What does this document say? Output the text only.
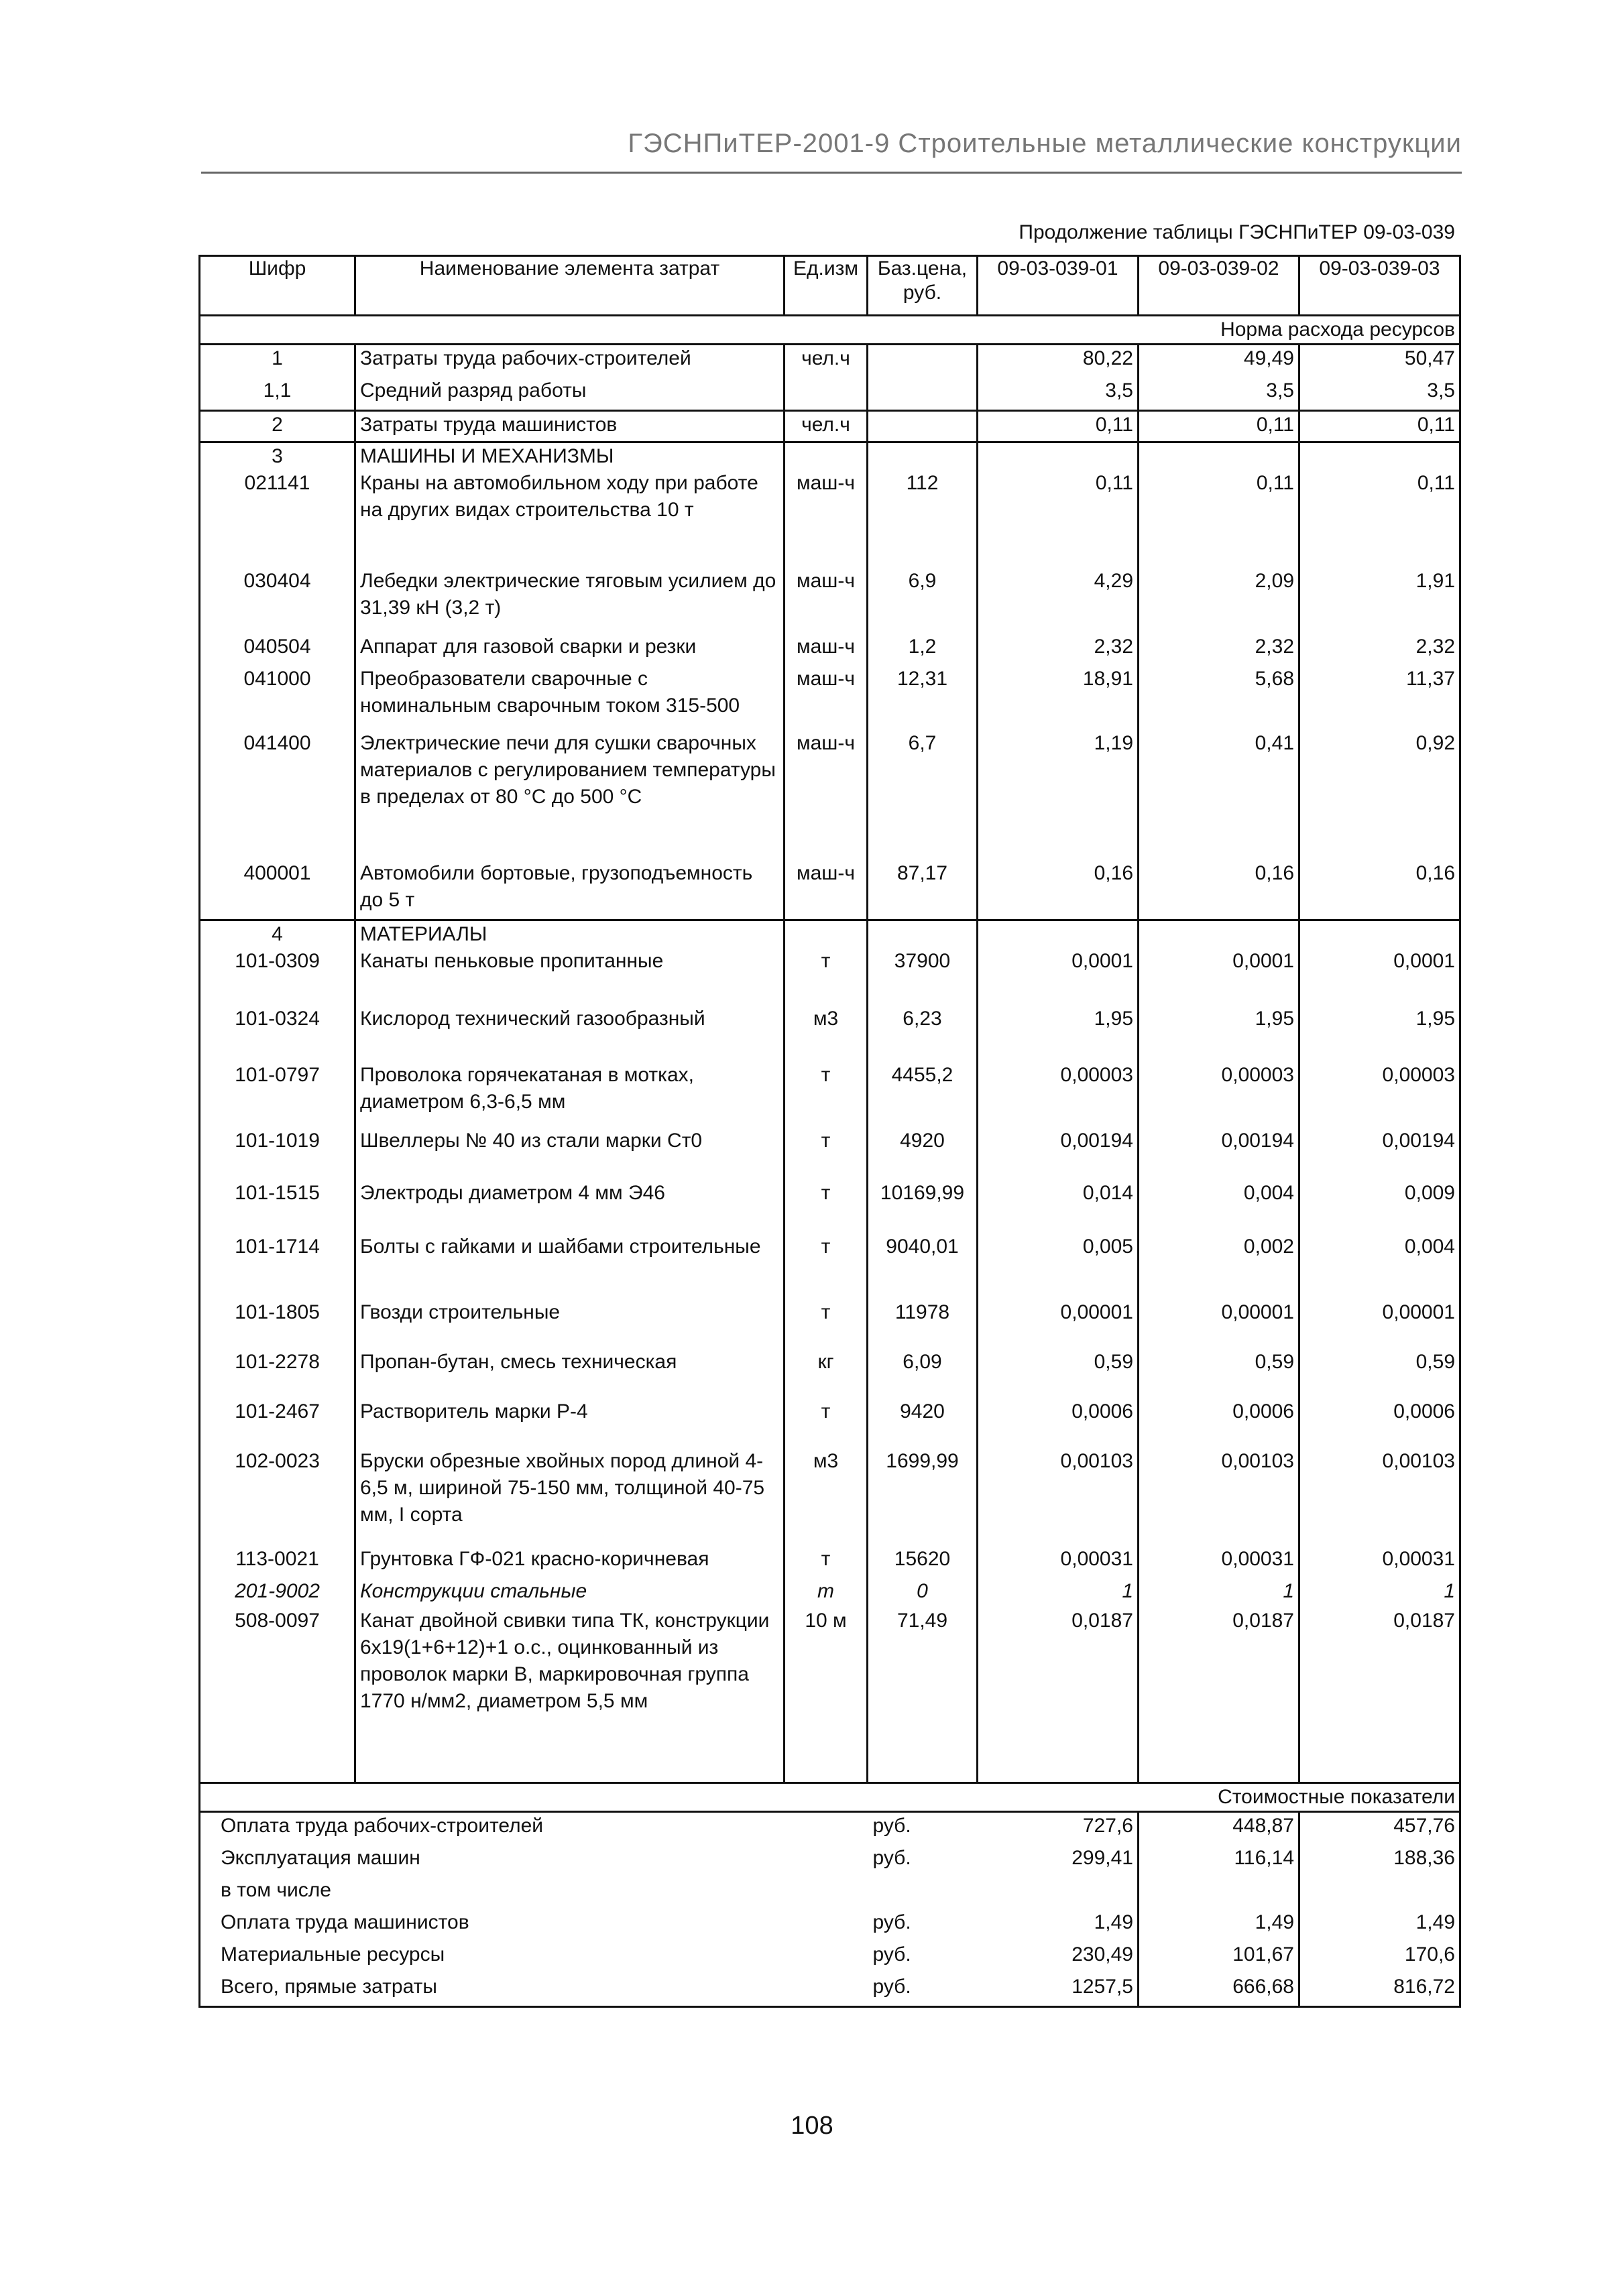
ГЭСНПиТЕР-2001-9 Строительные металлические конструкции
Продолжение таблицы ГЭСНПиТЕР 09-03-039
Шифр	Наименование элемента затрат	Ед.изм	Баз.цена, руб.	09-03-039-01	09-03-039-02	09-03-039-03
Норма расхода ресурсов						
1	Затраты труда рабочих-строителей	чел.ч		80,22	49,49	50,47
1,1	Средний разряд работы			3,5	3,5	3,5
2	Затраты труда машинистов	чел.ч		0,11	0,11	0,11
3	МАШИНЫ И МЕХАНИЗМЫ					
021141	Краны на автомобильном ходу при работе на других видах строительства 10 т	маш-ч	112	0,11	0,11	0,11
030404	Лебедки электрические тяговым усилием до 31,39 кН (3,2 т)	маш-ч	6,9	4,29	2,09	1,91
040504	Аппарат для газовой сварки и резки	маш-ч	1,2	2,32	2,32	2,32
041000	Преобразователи сварочные с номинальным сварочным током 315-500	маш-ч	12,31	18,91	5,68	11,37
041400	Электрические печи для сушки сварочных материалов с регулированием температуры в пределах от 80 °С до 500 °С	маш-ч	6,7	1,19	0,41	0,92
400001	Автомобили бортовые, грузоподъемность до 5 т	маш-ч	87,17	0,16	0,16	0,16
4	МАТЕРИАЛЫ					
101-0309	Канаты пеньковые пропитанные	т	37900	0,0001	0,0001	0,0001
101-0324	Кислород технический газообразный	м3	6,23	1,95	1,95	1,95
101-0797	Проволока горячекатаная в мотках, диаметром 6,3-6,5 мм	т	4455,2	0,00003	0,00003	0,00003
101-1019	Швеллеры № 40 из стали марки Ст0	т	4920	0,00194	0,00194	0,00194
101-1515	Электроды диаметром 4 мм Э46	т	10169,99	0,014	0,004	0,009
101-1714	Болты с гайками и шайбами строительные	т	9040,01	0,005	0,002	0,004
101-1805	Гвозди строительные	т	11978	0,00001	0,00001	0,00001
101-2278	Пропан-бутан, смесь техническая	кг	6,09	0,59	0,59	0,59
101-2467	Растворитель марки Р-4	т	9420	0,0006	0,0006	0,0006
102-0023	Бруски обрезные хвойных пород длиной 4-6,5 м, шириной 75-150 мм, толщиной 40-75 мм, I сорта	м3	1699,99	0,00103	0,00103	0,00103
113-0021	Грунтовка ГФ-021 красно-коричневая	т	15620	0,00031	0,00031	0,00031
201-9002	Конструкции стальные	т	0	1	1	1
508-0097	Канат двойной свивки типа ТК, конструкции 6х19(1+6+12)+1 о.с., оцинкованный из проволок марки В, маркировочная группа 1770 н/мм2, диаметром 5,5 мм	10 м	71,49	0,0187	0,0187	0,0187
Стоимостные показатели						
Оплата труда рабочих-строителей			руб.	727,6	448,87	457,76
Эксплуатация машин			руб.	299,41	116,14	188,36
в том числе						
Оплата труда машинистов			руб.	1,49	1,49	1,49
Материальные ресурсы			руб.	230,49	101,67	170,6
Всего, прямые затраты			руб.	1257,5	666,68	816,72
108
